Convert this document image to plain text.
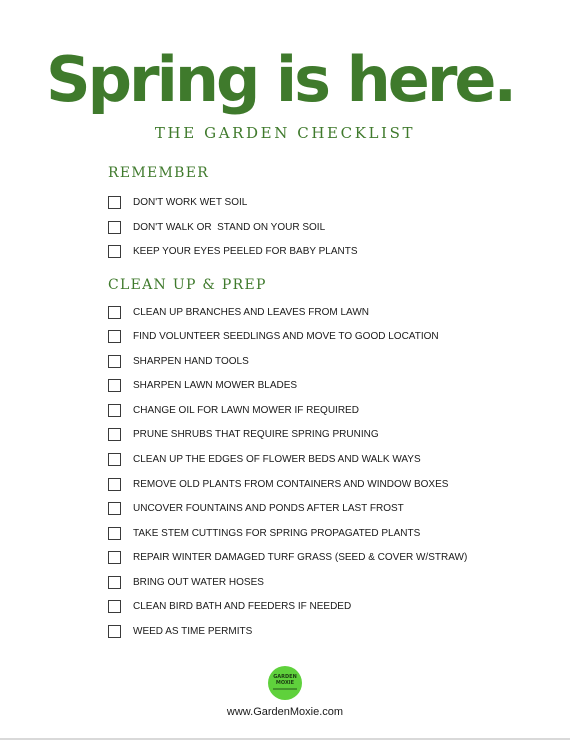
Spring is here.
THE GARDEN CHECKLIST
REMEMBER
DON'T WORK WET SOIL
DON'T WALK OR  STAND ON YOUR SOIL
KEEP YOUR EYES PEELED FOR BABY PLANTS
CLEAN UP & PREP
CLEAN UP BRANCHES AND LEAVES FROM LAWN
FIND VOLUNTEER SEEDLINGS AND MOVE TO GOOD LOCATION
SHARPEN HAND TOOLS
SHARPEN LAWN MOWER BLADES
CHANGE OIL FOR LAWN MOWER IF REQUIRED
PRUNE SHRUBS THAT REQUIRE SPRING PRUNING
CLEAN UP THE EDGES OF FLOWER BEDS AND WALK WAYS
REMOVE OLD PLANTS FROM CONTAINERS AND WINDOW BOXES
UNCOVER FOUNTAINS AND PONDS AFTER LAST FROST
TAKE STEM CUTTINGS FOR SPRING PROPAGATED PLANTS
REPAIR WINTER DAMAGED TURF GRASS (SEED & COVER W/STRAW)
BRING OUT WATER HOSES
CLEAN BIRD BATH AND FEEDERS IF NEEDED
WEED AS TIME PERMITS
GARDEN MOXIE
www.GardenMoxie.com
